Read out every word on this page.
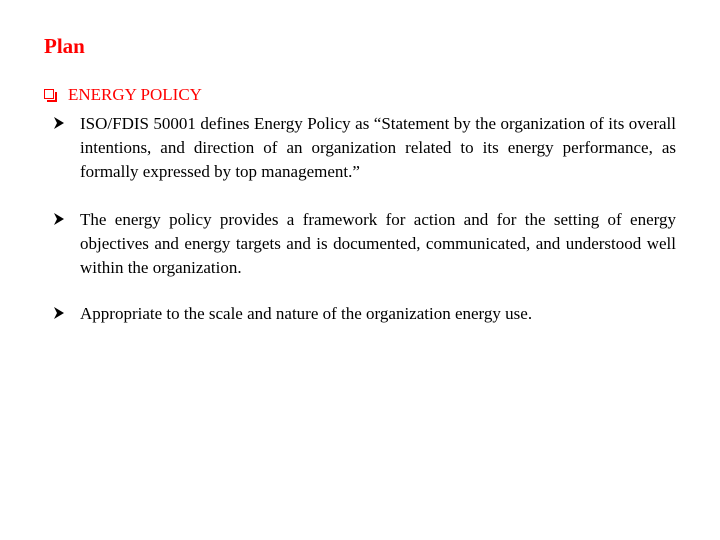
Plan
ENERGY POLICY
ISO/FDIS 50001 defines Energy Policy as “Statement by the organization of its overall intentions, and direction of an organization related to its energy performance, as formally expressed by top management.”
The energy policy provides a framework for action and for the setting of energy objectives and energy targets and is documented, communicated, and understood well within the organization.
Appropriate to the scale and nature of the organization energy use.
